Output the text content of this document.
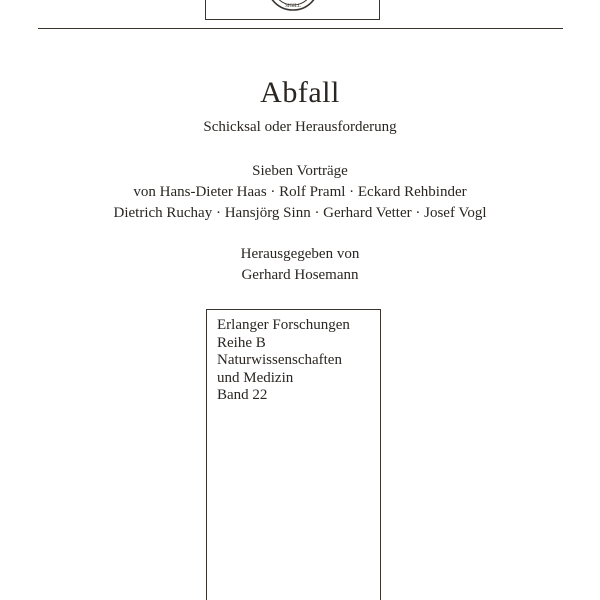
SIGILL
Abfall
Schicksal oder Herausforderung
Sieben Vorträge
von Hans-Dieter Haas · Rolf Praml · Eckard Rehbinder
Dietrich Ruchay · Hansjörg Sinn · Gerhard Vetter · Josef Vogl
Herausgegeben von
Gerhard Hosemann
Erlanger Forschungen
Reihe B
Naturwissenschaften
und Medizin
Band 22
